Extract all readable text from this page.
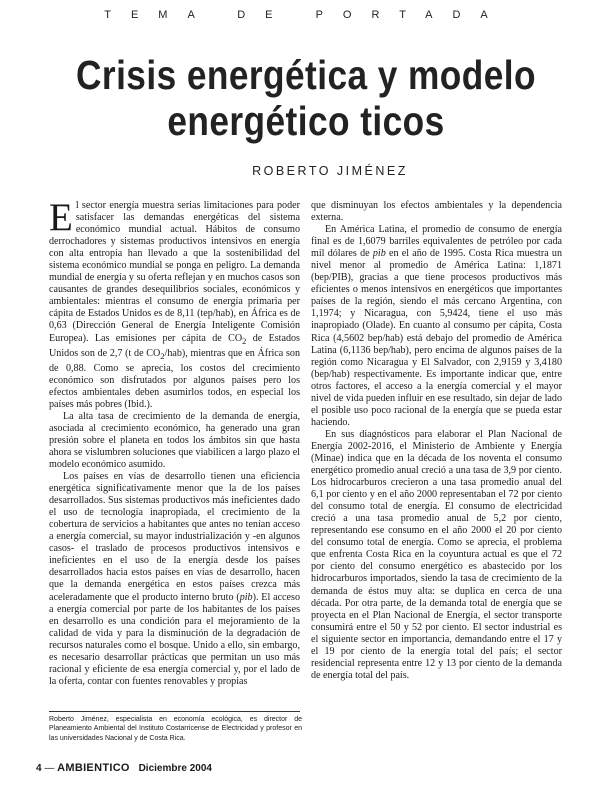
TEMA DE PORTADA
Crisis energética y modelo energético ticos
ROBERTO JIMÉNEZ

El sector energía muestra serias limitaciones para poder satisfacer las demandas energéticas del sistema económico mundial actual. Hábitos de consumo derrochadores y sistemas productivos intensivos en energía con alta entropía han llevado a que la sostenibilidad del sistema económico mundial se ponga en peligro. La demanda mundial de energía y su oferta reflejan y en muchos casos son causantes de grandes desequilibrios sociales, económicos y ambientales: mientras el consumo de energía primaria per cápita de Estados Unidos es de 8,11 (tep/hab), en África es de 0,63 (Dirección General de Energía Inteligente Comisión Europea). Las emisiones per cápita de $CO_2$ de Estados Unidos son de 2,7 (t de $CO_2/hab$), mientras que en África son de 0,88. Como se aprecia, los costos del crecimiento económico son disfrutados por algunos países pero los efectos ambientales deben asumirlos todos, en especial los países más pobres (Ibid.).

La alta tasa de crecimiento de la demanda de energía, asociada al crecimiento económico, ha generado una gran presión sobre el planeta en todos los ámbitos sin que hasta ahora se vislumbren soluciones que viabilicen a largo plazo el modelo económico asumido.

Los países en vías de desarrollo tienen una eficiencia energética significativamente menor que la de los países desarrollados. Sus sistemas productivos más ineficientes dado el uso de tecnología inapropiada, el crecimiento de la cobertura de servicios a habitantes que antes no tenían acceso a energía comercial, su mayor industrialización y -en algunos casos- el traslado de procesos productivos intensivos e ineficientes en el uso de la energía desde los países desarrollados hacia estos países en vías de desarrollo, hacen que la demanda energética en estos países crezca más aceleradamente que el producto interno bruto (pib). El acceso a energía comercial por parte de los habitantes de los países en desarrollo es una condición para el mejoramiento de la calidad de vida y para la disminución de la degradación de recursos naturales como el bosque. Unido a ello, sin embargo, es necesario desarrollar prácticas que permitan un uso más racional y eficiente de esa energía comercial y, por el lado de la oferta, contar con fuentes renovables y propias

que disminuyan los efectos ambientales y la dependencia externa.

En América Latina, el promedio de consumo de energía final es de 1,6079 barriles equivalentes de petróleo por cada mil dólares de pib en el año de 1995. Costa Rica muestra un nivel menor al promedio de América Latina: 1,1871 (bep/PIB), gracias a que tiene procesos productivos más eficientes o menos intensivos en energéticos que importantes países de la región, siendo el más cercano Argentina, con 1,1974; y Nicaragua, con 5,9424, tiene el uso más inapropiado (Olade). En cuanto al consumo per cápita, Costa Rica (4,5602 bep/hab) está debajo del promedio de América Latina (6,1136 bep/hab), pero encima de algunos países de la región como Nicaragua y El Salvador, con 2,9159 y 3,4180 (bep/hab) respectivamente. Es importante indicar que, entre otros factores, el acceso a la energía comercial y el mayor nivel de vida pueden influir en ese resultado, sin dejar de lado el posible uso poco racional de la energía que se pueda estar haciendo.

En sus diagnósticos para elaborar el Plan Nacional de Energía 2002-2016, el Ministerio de Ambiente y Energía (Minae) indica que en la década de los noventa el consumo energético promedio anual creció a una tasa de 3,9 por ciento. Los hidrocarburos crecieron a una tasa promedio anual del 6,1 por ciento y en el año 2000 representaban el 72 por ciento del consumo total de energía. El consumo de electricidad creció a una tasa promedio anual de 5,2 por ciento, representando ese consumo en el año 2000 el 20 por ciento del consumo total de energía. Como se aprecia, el problema que enfrenta Costa Rica en la coyuntura actual es que el 72 por ciento del consumo energético es abastecido por los hidrocarburos importados, siendo la tasa de crecimiento de la demanda de éstos muy alta: se duplica en cerca de una década. Por otra parte, de la demanda total de energía que se proyecta en el Plan Nacional de Energía, el sector transporte consumirá entre el 50 y 52 por ciento. El sector industrial es el siguiente sector en importancia, demandando entre el 17 y el 19 por ciento de la energía total del país; el sector residencial representa entre 12 y 13 por ciento de la demanda de energía total del país.

Roberto Jiménez, especialista en economía ecológica, es director de Planeamiento Ambiental del Instituto Costarricense de Electricidad y profesor en las universidades Nacional y de Costa Rica.
4 — AMBIENTICO Diciembre 2004
